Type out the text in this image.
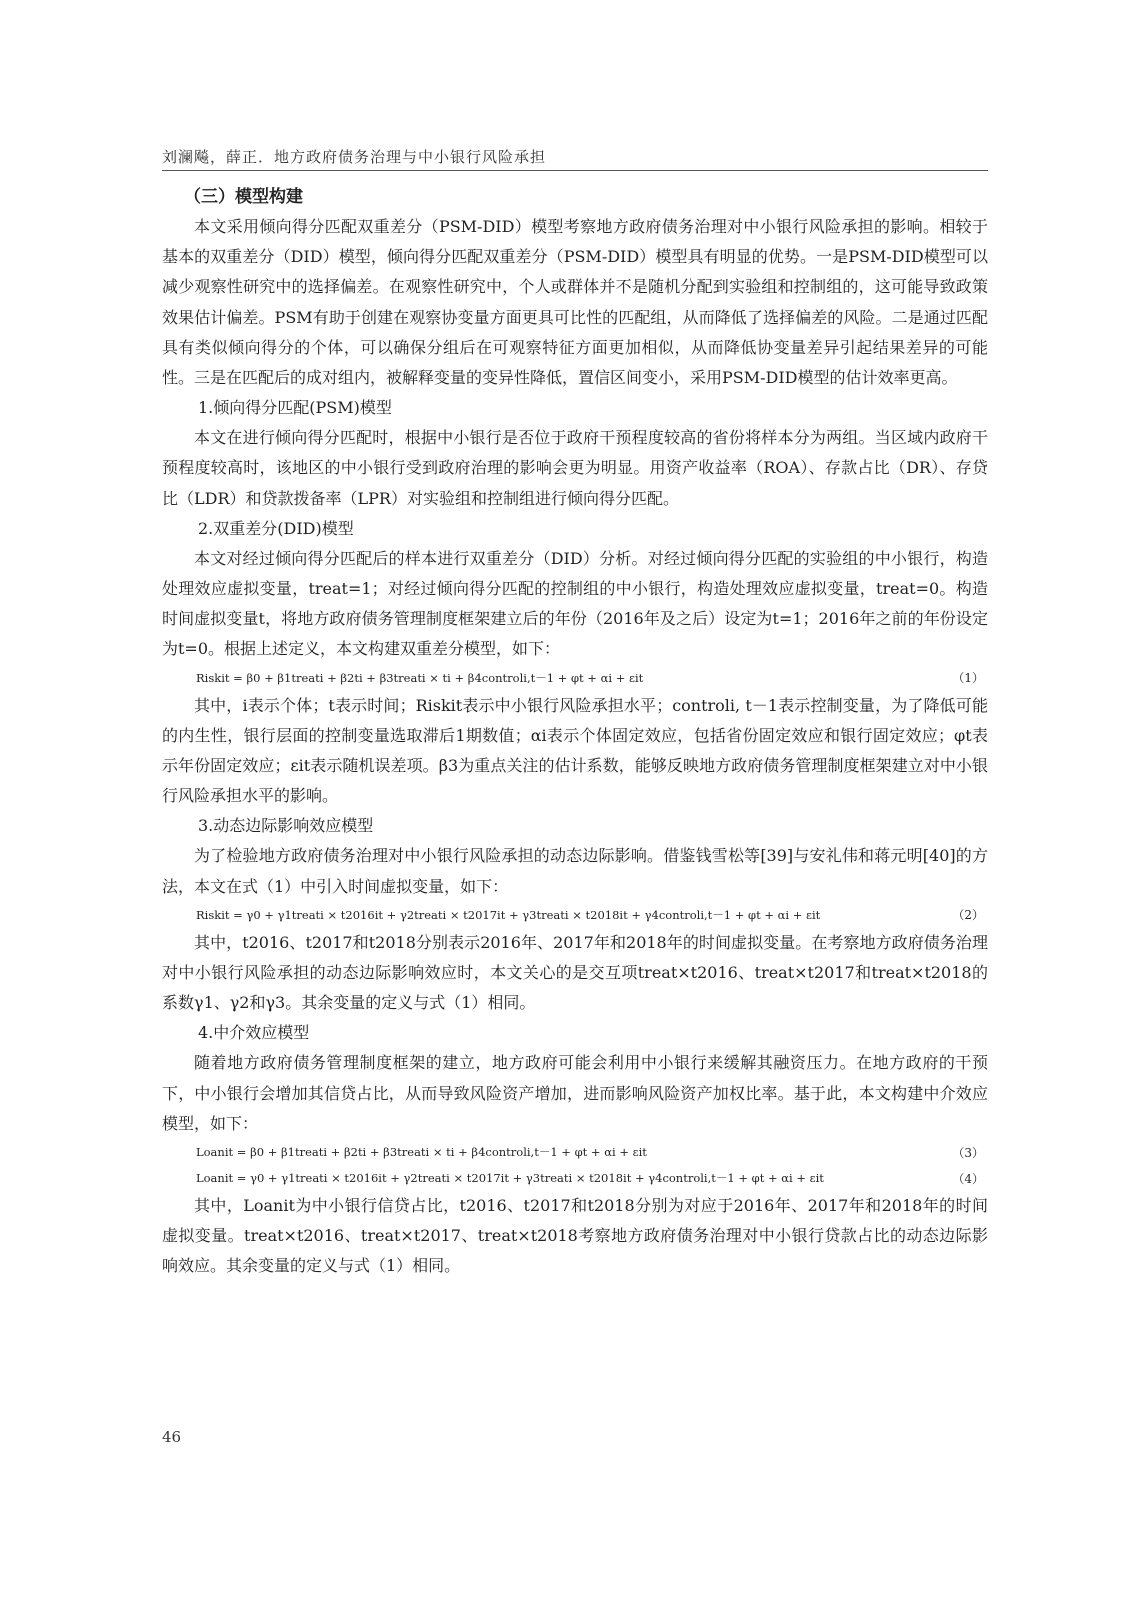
刘澜飚，薛正．地方政府债务治理与中小银行风险承担

（三）模型构建

本文采用倾向得分匹配双重差分（PSM-DID）模型考察地方政府债务治理对中小银行风险承担的影响。相较于基本的双重差分（DID）模型，倾向得分匹配双重差分（PSM-DID）模型具有明显的优势。一是PSM-DID模型可以减少观察性研究中的选择偏差。在观察性研究中，个人或群体并不是随机分配到实验组和控制组的，这可能导致政策效果估计偏差。PSM有助于创建在观察协变量方面更具可比性的匹配组，从而降低了选择偏差的风险。二是通过匹配具有类似倾向得分的个体，可以确保分组后在可观察特征方面更加相似，从而降低协变量差异引起结果差异的可能性。三是在匹配后的成对组内，被解释变量的变异性降低，置信区间变小，采用PSM-DID模型的估计效率更高。

1.倾向得分匹配(PSM)模型

本文在进行倾向得分匹配时，根据中小银行是否位于政府干预程度较高的省份将样本分为两组。当区域内政府干预程度较高时，该地区的中小银行受到政府治理的影响会更为明显。用资产收益率（ROA）、存款占比（DR）、存贷比（LDR）和贷款拨备率（LPR）对实验组和控制组进行倾向得分匹配。

2.双重差分(DID)模型

本文对经过倾向得分匹配后的样本进行双重差分（DID）分析。对经过倾向得分匹配的实验组的中小银行，构造处理效应虚拟变量，treat=1；对经过倾向得分匹配的控制组的中小银行，构造处理效应虚拟变量，treat=0。构造时间虚拟变量t，将地方政府债务管理制度框架建立后的年份（2016年及之后）设定为t=1；2016年之前的年份设定为t=0。根据上述定义，本文构建双重差分模型，如下：

Riskit = β0 + β1treati + β2ti + β3treati × ti + β4controli,t－1 + φt + αi + εit	（1）

其中，i表示个体；t表示时间；Riskit表示中小银行风险承担水平；controli, t－1表示控制变量，为了降低可能的内生性，银行层面的控制变量选取滞后1期数值；αi表示个体固定效应，包括省份固定效应和银行固定效应；φt表示年份固定效应；εit表示随机误差项。β3为重点关注的估计系数，能够反映地方政府债务管理制度框架建立对中小银行风险承担水平的影响。

3.动态边际影响效应模型

为了检验地方政府债务治理对中小银行风险承担的动态边际影响。借鉴钱雪松等[39]与安礼伟和蒋元明[40]的方法，本文在式（1）中引入时间虚拟变量，如下：

Riskit = γ0 + γ1treati × t2016it + γ2treati × t2017it + γ3treati × t2018it + γ4controli,t－1 + φt + αi + εit	（2）

其中，t2016、t2017和t2018分别表示2016年、2017年和2018年的时间虚拟变量。在考察地方政府债务治理对中小银行风险承担的动态边际影响效应时，本文关心的是交互项treat×t2016、treat×t2017和treat×t2018的系数γ1、γ2和γ3。其余变量的定义与式（1）相同。

4.中介效应模型

随着地方政府债务管理制度框架的建立，地方政府可能会利用中小银行来缓解其融资压力。在地方政府的干预下，中小银行会增加其信贷占比，从而导致风险资产增加，进而影响风险资产加权比率。基于此，本文构建中介效应模型，如下：

Loanit = β0 + β1treati + β2ti + β3treati × ti + β4controli,t－1 + φt + αi + εit	（3）
Loanit = γ0 + γ1treati × t2016it + γ2treati × t2017it + γ3treati × t2018it + γ4controli,t－1 + φt + αi + εit	（4）

其中，Loanit为中小银行信贷占比，t2016、t2017和t2018分别为对应于2016年、2017年和2018年的时间虚拟变量。treat×t2016、treat×t2017、treat×t2018考察地方政府债务治理对中小银行贷款占比的动态边际影响效应。其余变量的定义与式（1）相同。

46
